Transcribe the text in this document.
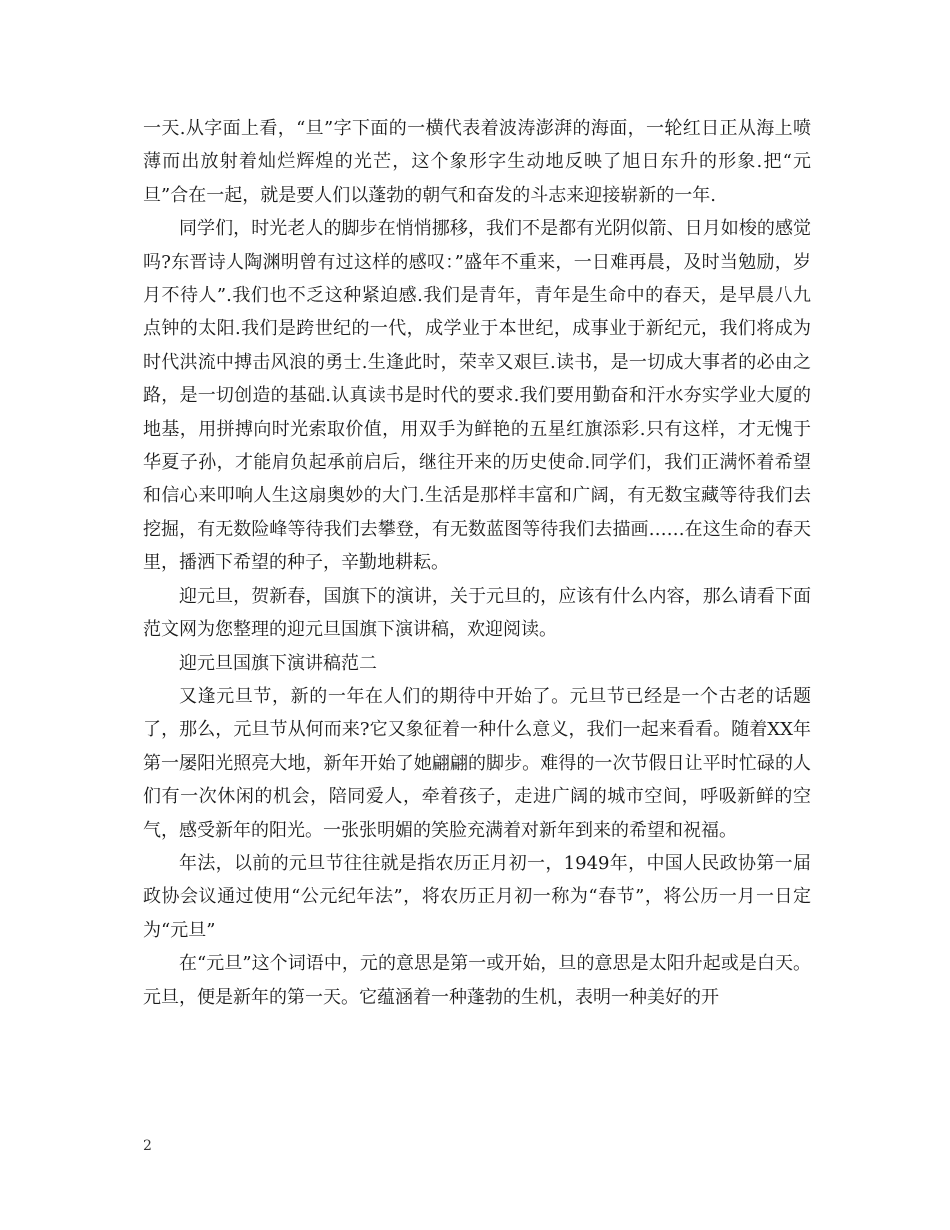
一天.从字面上看，“旦”字下面的一横代表着波涛澎湃的海面，一轮红日正从海上喷薄而出放射着灿烂辉煌的光芒，这个象形字生动地反映了旭日东升的形象.把“元旦”合在一起，就是要人们以蓬勃的朝气和奋发的斗志来迎接崭新的一年.

同学们，时光老人的脚步在悄悄挪移，我们不是都有光阴似箭、日月如梭的感觉吗?东晋诗人陶渊明曾有过这样的感叹：”盛年不重来，一日难再晨，及时当勉励，岁月不待人”.我们也不乏这种紧迫感.我们是青年，青年是生命中的春天，是早晨八九点钟的太阳.我们是跨世纪的一代，成学业于本世纪，成事业于新纪元，我们将成为时代洪流中搏击风浪的勇士.生逢此时，荣幸又艰巨.读书，是一切成大事者的必由之路，是一切创造的基础.认真读书是时代的要求.我们要用勤奋和汗水夯实学业大厦的地基，用拼搏向时光索取价值，用双手为鲜艳的五星红旗添彩.只有这样，才无愧于华夏子孙，才能肩负起承前启后，继往开来的历史使命.同学们，我们正满怀着希望和信心来叩响人生这扇奥妙的大门.生活是那样丰富和广阔，有无数宝藏等待我们去挖掘，有无数险峰等待我们去攀登，有无数蓝图等待我们去描画……在这生命的春天里，播洒下希望的种子，辛勤地耕耘。

迎元旦，贺新春，国旗下的演讲，关于元旦的，应该有什么内容，那么请看下面范文网为您整理的迎元旦国旗下演讲稿，欢迎阅读。

迎元旦国旗下演讲稿范二

又逢元旦节，新的一年在人们的期待中开始了。元旦节已经是一个古老的话题了，那么，元旦节从何而来?它又象征着一种什么意义，我们一起来看看。随着XX年第一屡阳光照亮大地，新年开始了她翩翩的脚步。难得的一次节假日让平时忙碌的人们有一次休闲的机会，陪同爱人，牵着孩子，走进广阔的城市空间，呼吸新鲜的空气，感受新年的阳光。一张张明媚的笑脸充满着对新年到来的希望和祝福。

年法，以前的元旦节往往就是指农历正月初一，1949年，中国人民政协第一届政协会议通过使用“公元纪年法”，将农历正月初一称为“春节”，将公历一月一日定为“元旦”

在“元旦”这个词语中，元的意思是第一或开始，旦的意思是太阳升起或是白天。元旦，便是新年的第一天。它蕴涵着一种蓬勃的生机，表明一种美好的开

2
